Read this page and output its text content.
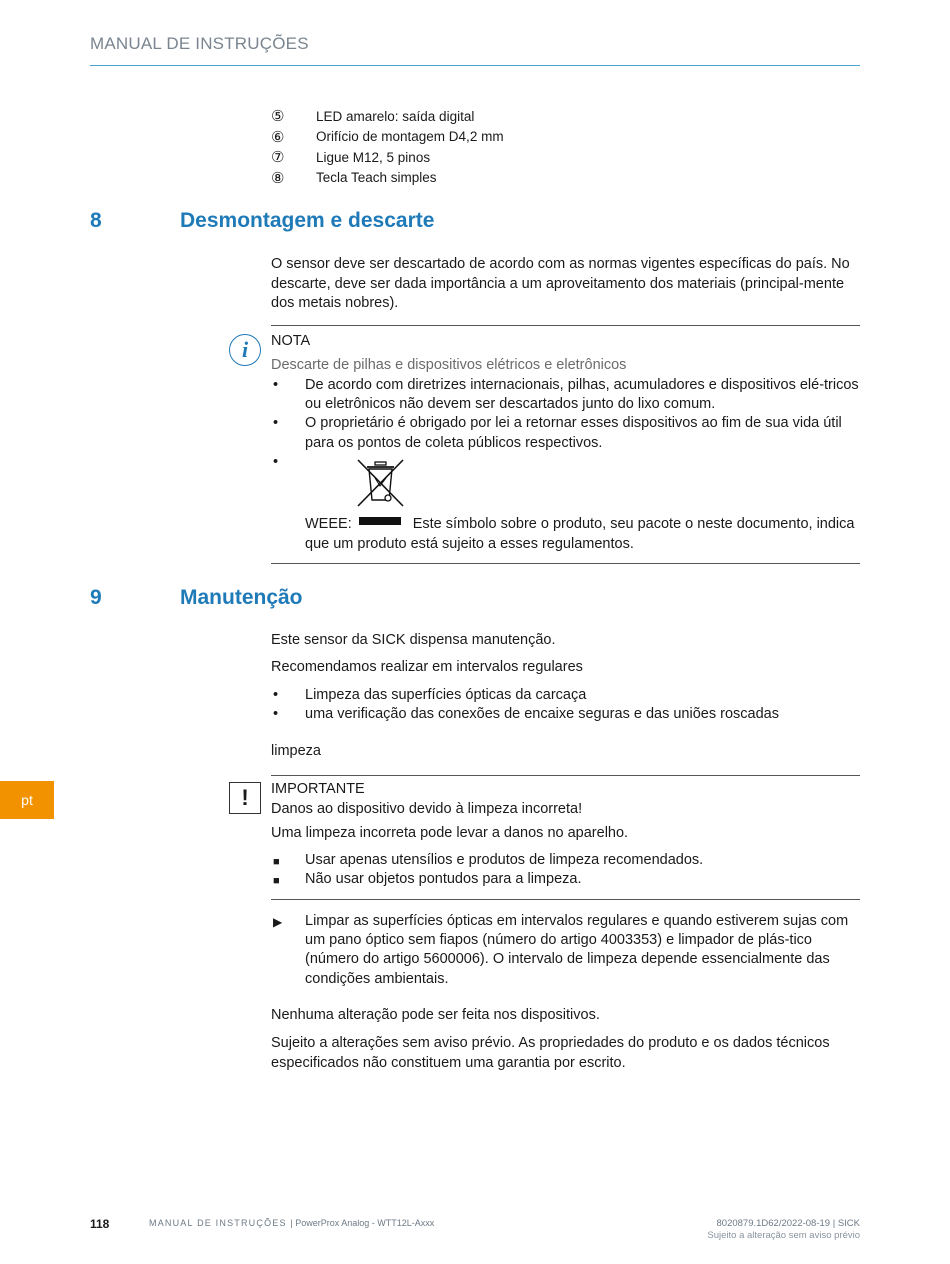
MANUAL DE INSTRUÇÕES
⑤	LED amarelo: saída digital
⑥	Orifício de montagem D4,2 mm
⑦	Ligue M12, 5 pinos
⑧	Tecla Teach simples
8	Desmontagem e descarte
O sensor deve ser descartado de acordo com as normas vigentes específicas do país. No descarte, deve ser dada importância a um aproveitamento dos materiais (principal-mente dos metais nobres).
i	NOTA
Descarte de pilhas e dispositivos elétricos e eletrônicos
• De acordo com diretrizes internacionais, pilhas, acumuladores e dispositivos elé-tricos ou eletrônicos não devem ser descartados junto do lixo comum.
• O proprietário é obrigado por lei a retornar esses dispositivos ao fim de sua vida útil para os pontos de coleta públicos respectivos.
•
WEEE:	Este símbolo sobre o produto, seu pacote o neste documento, indica que um produto está sujeito a esses regulamentos.
9	Manutenção
Este sensor da SICK dispensa manutenção.
Recomendamos realizar em intervalos regulares
• Limpeza das superfícies ópticas da carcaça
• uma verificação das conexões de encaixe seguras e das uniões roscadas
limpeza
!	IMPORTANTE
Danos ao dispositivo devido à limpeza incorreta!
Uma limpeza incorreta pode levar a danos no aparelho.
■ Usar apenas utensílios e produtos de limpeza recomendados.
■ Não usar objetos pontudos para a limpeza.
▶ Limpar as superfícies ópticas em intervalos regulares e quando estiverem sujas com um pano óptico sem fiapos (número do artigo 4003353) e limpador de plás-tico (número do artigo 5600006). O intervalo de limpeza depende essencialmente das condições ambientais.
Nenhuma alteração pode ser feita nos dispositivos.
Sujeito a alterações sem aviso prévio. As propriedades do produto e os dados técnicos especificados não constituem uma garantia por escrito.
pt
118	MANUAL DE INSTRUÇÕES | PowerProx Analog - WTT12L-Axxx	8020879.1D62/2022-08-19 | SICK
Sujeito a alteração sem aviso prévio
